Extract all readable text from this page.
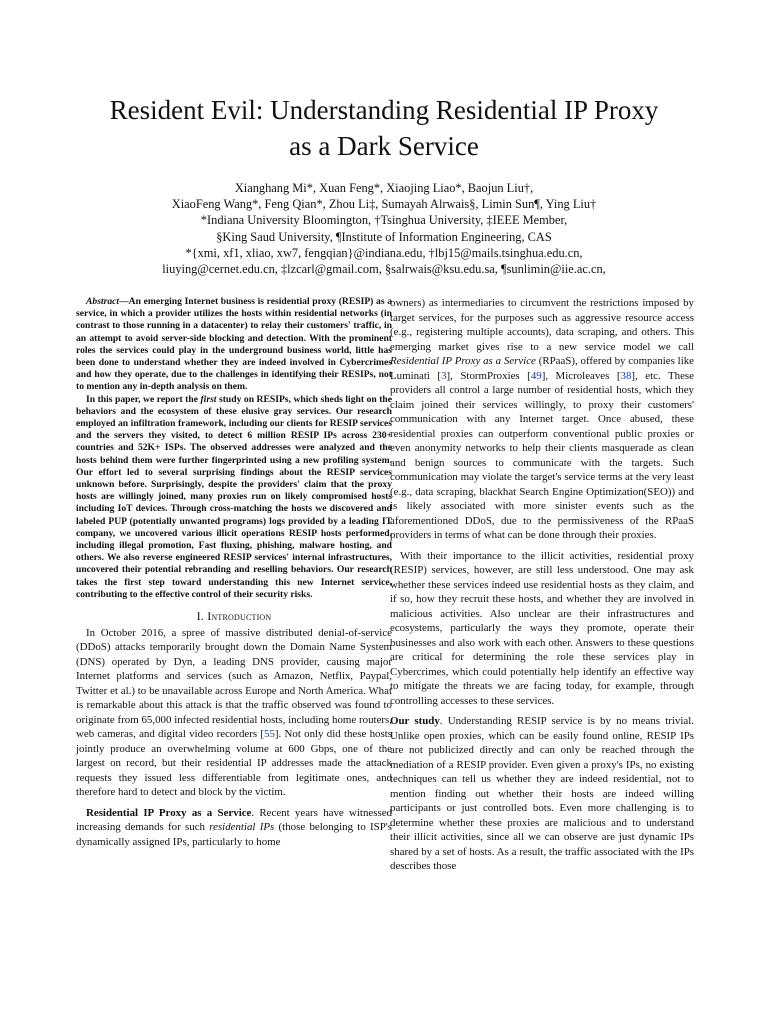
Resident Evil: Understanding Residential IP Proxy
as a Dark Service
Xianghang Mi*, Xuan Feng*, Xiaojing Liao*, Baojun Liu†,
XiaoFeng Wang*, Feng Qian*, Zhou Li‡, Sumayah Alrwais§, Limin Sun¶, Ying Liu†
*Indiana University Bloomington, †Tsinghua University, ‡IEEE Member,
§King Saud University, ¶Institute of Information Engineering, CAS
*{xmi, xf1, xliao, xw7, fengqian}@indiana.edu, †lbj15@mails.tsinghua.edu.cn,
liuying@cernet.edu.cn, ‡lzcarl@gmail.com, §salrwais@ksu.edu.sa, ¶sunlimin@iie.ac.cn,

Abstract—An emerging Internet business is residential proxy (RESIP) as a service, in which a provider utilizes the hosts within residential networks (in contrast to those running in a datacenter) to relay their customers' traffic, in an attempt to avoid server-side blocking and detection. With the prominent roles the services could play in the underground business world, little has been done to understand whether they are indeed involved in Cybercrimes and how they operate, due to the challenges in identifying their RESIPs, not to mention any in-depth analysis on them.

In this paper, we report the first study on RESIPs, which sheds light on the behaviors and the ecosystem of these elusive gray services. Our research employed an infiltration framework, including our clients for RESIP services and the servers they visited, to detect 6 million RESIP IPs across 230+ countries and 52K+ ISPs. The observed addresses were analyzed and the hosts behind them were further fingerprinted using a new profiling system. Our effort led to several surprising findings about the RESIP services unknown before. Surprisingly, despite the providers' claim that the proxy hosts are willingly joined, many proxies run on likely compromised hosts including IoT devices. Through cross-matching the hosts we discovered and labeled PUP (potentially unwanted programs) logs provided by a leading IT company, we uncovered various illicit operations RESIP hosts performed, including illegal promotion, Fast fluxing, phishing, malware hosting, and others. We also reverse engineered RESIP services' internal infrastructures, uncovered their potential rebranding and reselling behaviors. Our research takes the first step toward understanding this new Internet service, contributing to the effective control of their security risks.

I. Introduction

In October 2016, a spree of massive distributed denial-of-service (DDoS) attacks temporarily brought down the Domain Name System (DNS) operated by Dyn, a leading DNS provider, causing major Internet platforms and services (such as Amazon, Netflix, Paypal, Twitter et al.) to be unavailable across Europe and North America. What is remarkable about this attack is that the traffic observed was found to originate from 65,000 infected residential hosts, including home routers, web cameras, and digital video recorders [55]. Not only did these hosts jointly produce an overwhelming volume at 600 Gbps, one of the largest on record, but their residential IP addresses made the attack requests they issued less differentiable from legitimate ones, and therefore hard to detect and block by the victim.

Residential IP Proxy as a Service. Recent years have witnessed increasing demands for such residential IPs (those belonging to ISP's dynamically assigned IPs, particularly to home

owners) as intermediaries to circumvent the restrictions imposed by target services, for the purposes such as aggressive resource access (e.g., registering multiple accounts), data scraping, and others. This emerging market gives rise to a new service model we call Residential IP Proxy as a Service (RPaaS), offered by companies like Luminati [3], StormProxies [49], Microleaves [38], etc. These providers all control a large number of residential hosts, which they claim joined their services willingly, to proxy their customers' communication with any Internet target. Once abused, these residential proxies can outperform conventional public proxies or even anonymity networks to help their clients masquerade as clean and benign sources to communicate with the targets. Such communication may violate the target's service terms at the very least (e.g., data scraping, blackhat Search Engine Optimization(SEO)) and is likely associated with more sinister events such as the aforementioned DDoS, due to the permissiveness of the RPaaS providers in terms of what can be done through their proxies.

With their importance to the illicit activities, residential proxy (RESIP) services, however, are still less understood. One may ask whether these services indeed use residential hosts as they claim, and if so, how they recruit these hosts, and whether they are involved in malicious activities. Also unclear are their infrastructures and ecosystems, particularly the ways they promote, operate their businesses and also work with each other. Answers to these questions are critical for determining the role these services play in Cybercrimes, which could potentially help identify an effective way to mitigate the threats we are facing today, for example, through controlling accesses to these services.

Our study. Understanding RESIP service is by no means trivial. Unlike open proxies, which can be easily found online, RESIP IPs are not publicized directly and can only be reached through the mediation of a RESIP provider. Even given a proxy's IPs, no existing techniques can tell us whether they are indeed residential, not to mention finding out whether their hosts are indeed willing participants or just controlled bots. Even more challenging is to determine whether these proxies are malicious and to understand their illicit activities, since all we can observe are just dynamic IPs shared by a set of hosts. As a result, the traffic associated with the IPs describes those
